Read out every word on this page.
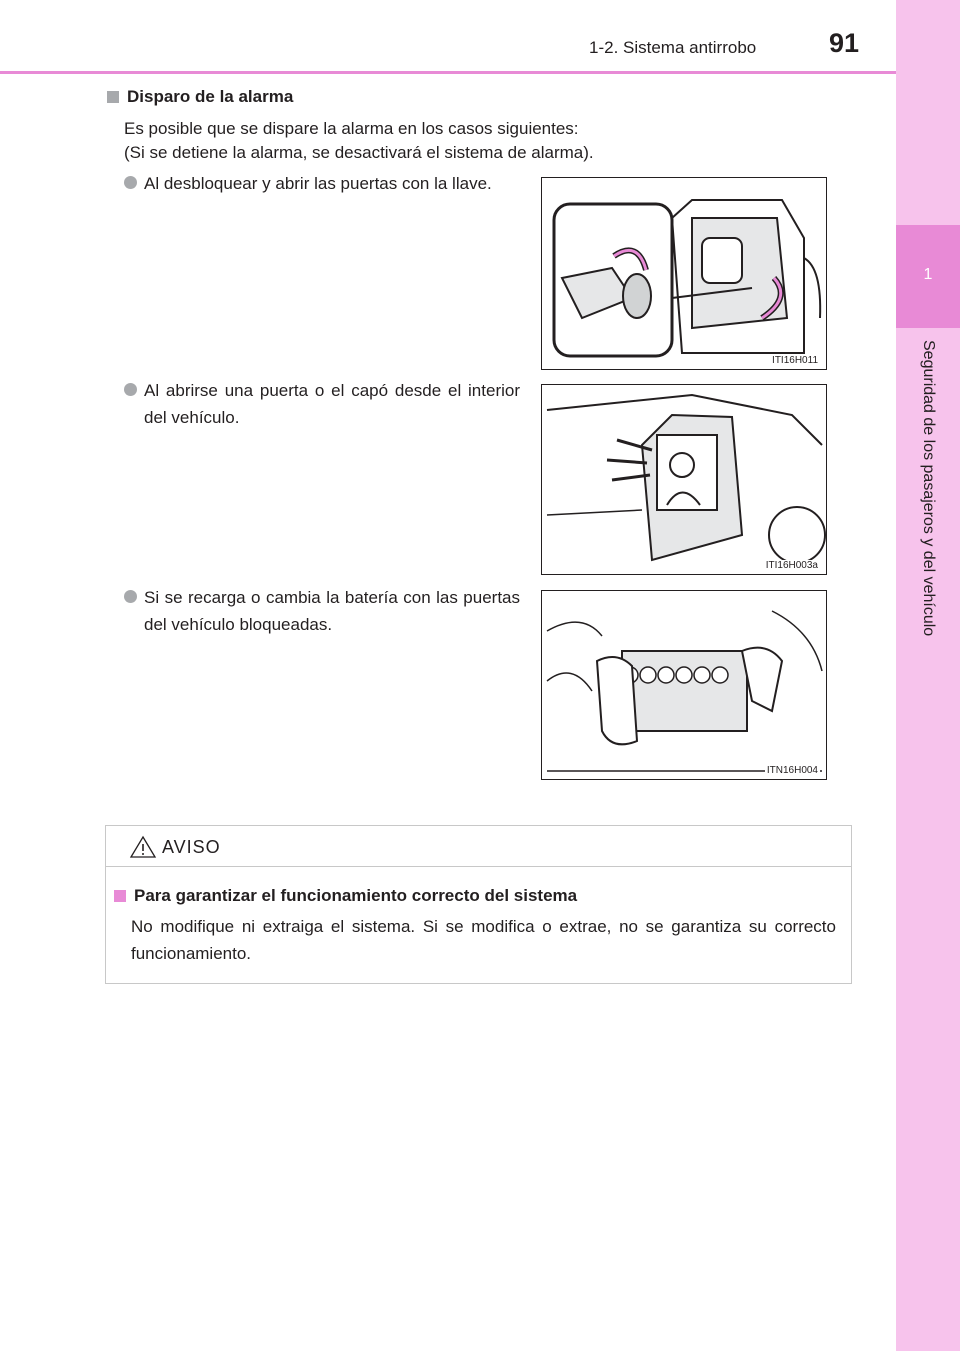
1-2. Sistema antirrobo	91
1
Seguridad de los pasajeros y del vehículo
Disparo de la alarma
Es posible que se dispare la alarma en los casos siguientes:
(Si se detiene la alarma, se desactivará el sistema de alarma).
Al desbloquear y abrir las puertas con la llave.
ITI16H011
Al abrirse una puerta o el capó desde el interior del vehículo.
ITI16H003a
Si se recarga o cambia la batería con las puertas del vehículo bloqueadas.
ITN16H004
AVISO
Para garantizar el funcionamiento correcto del sistema
No modifique ni extraiga el sistema. Si se modifica o extrae, no se garantiza su correcto funcionamiento.
